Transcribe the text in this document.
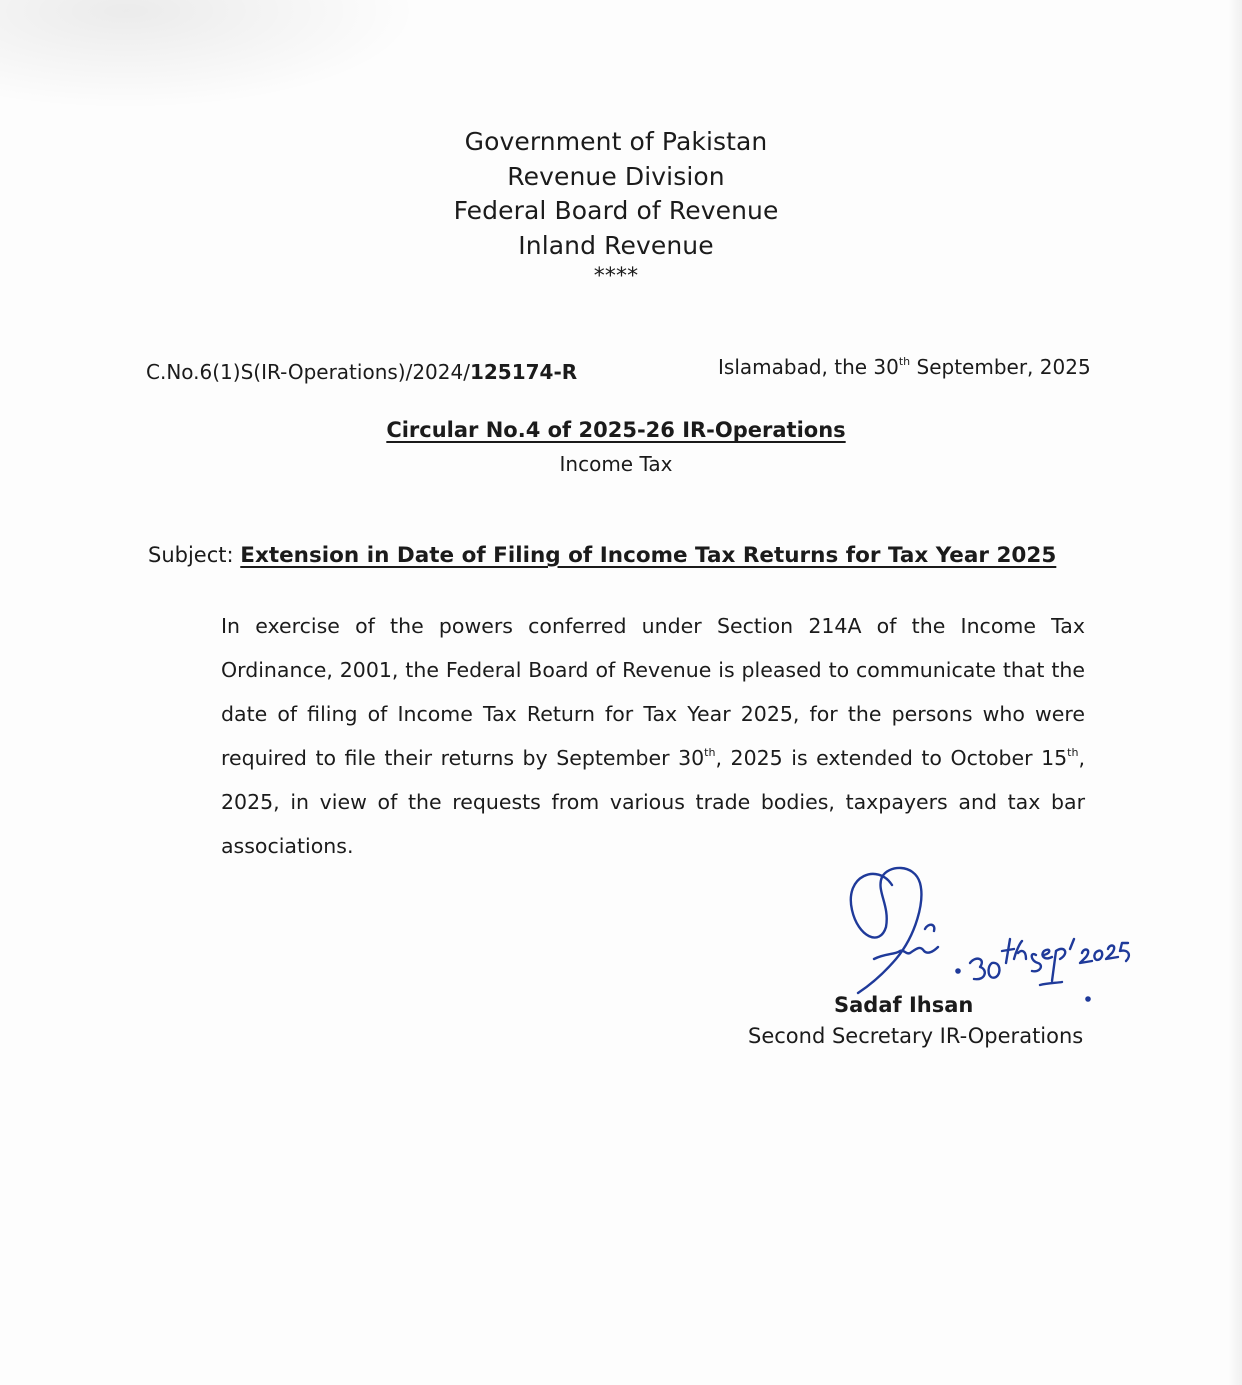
Government of Pakistan
Revenue Division
Federal Board of Revenue
Inland Revenue
****
C.No.6(1)S(IR-Operations)/2024/125174-R	Islamabad, the 30th September, 2025
Circular No.4 of 2025-26 IR-Operations
Income Tax
Subject: Extension in Date of Filing of Income Tax Returns for Tax Year 2025
In exercise of the powers conferred under Section 214A of the Income Tax Ordinance, 2001, the Federal Board of Revenue is pleased to communicate that the date of filing of Income Tax Return for Tax Year 2025, for the persons who were required to file their returns by September 30th, 2025 is extended to October 15th, 2025, in view of the requests from various trade bodies, taxpayers and tax bar associations.
Sadaf Ihsan
Second Secretary IR-Operations
